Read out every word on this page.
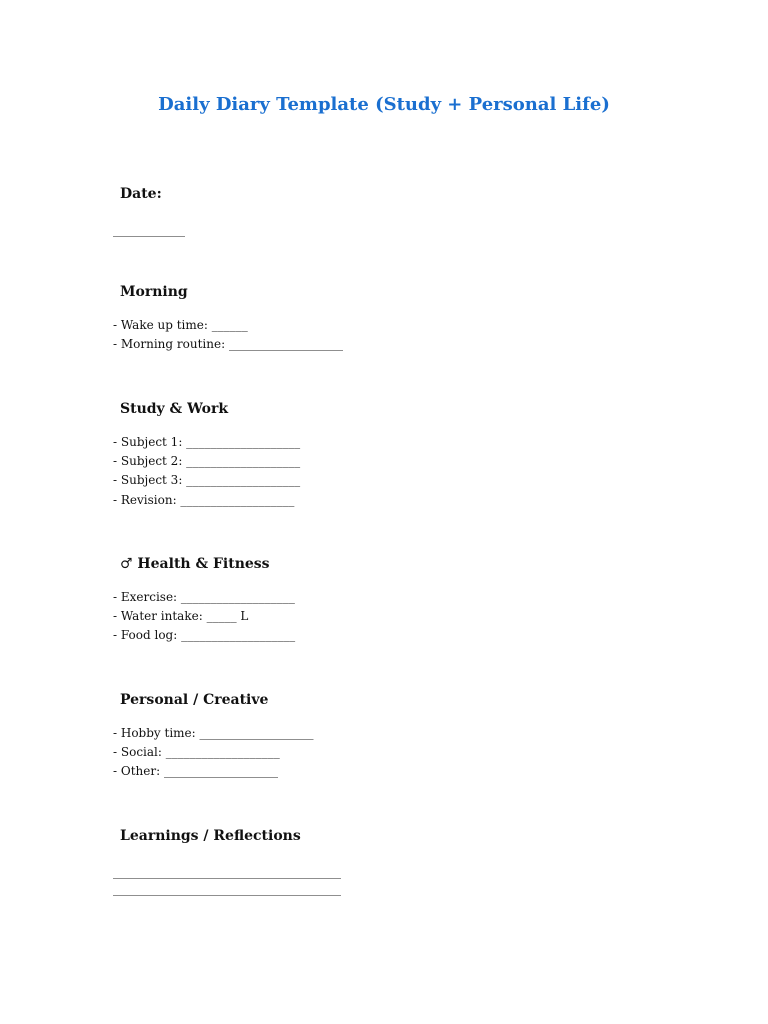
Daily Diary Template (Study + Personal Life)
Date:
____________
Morning
- Wake up time: ______
- Morning routine: ___________________
Study & Work
- Subject 1: ___________________
- Subject 2: ___________________
- Subject 3: ___________________
- Revision: ___________________
♂ Health & Fitness
- Exercise: ___________________
- Water intake: _____ L
- Food log: ___________________
Personal / Creative
- Hobby time: ___________________
- Social: ___________________
- Other: ___________________
Learnings / Reflections
______________________________________
______________________________________
